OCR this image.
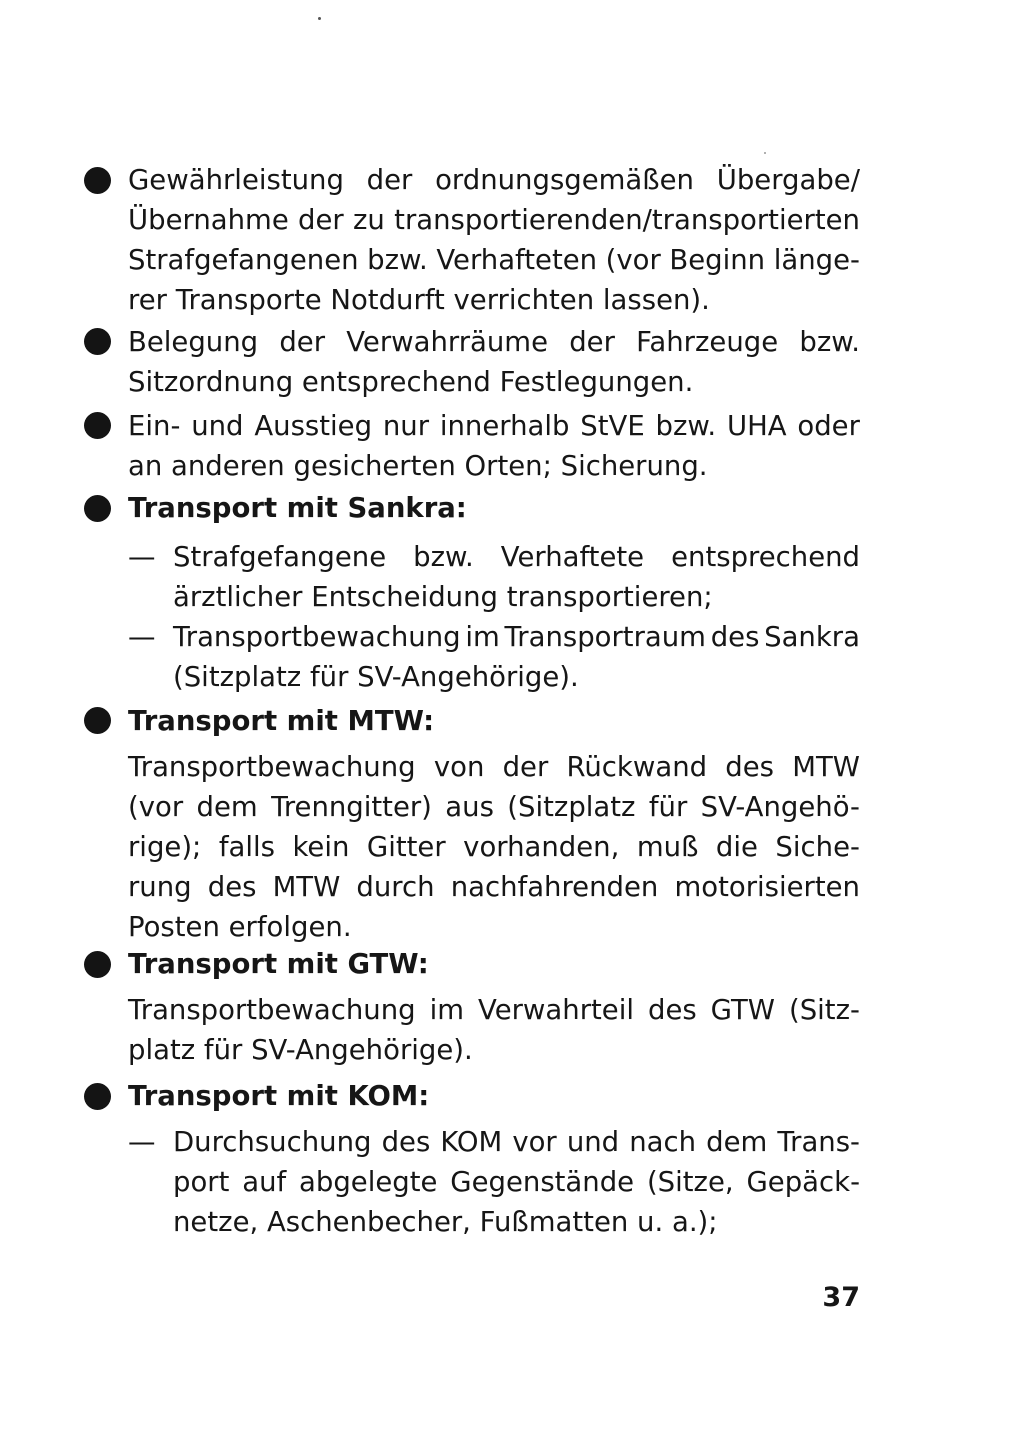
Gewährleistung der ordnungsgemäßen Übergabe/
Übernahme der zu transportierenden/transportierten
Strafgefangenen bzw. Verhafteten (vor Beginn länge-
rer Transporte Notdurft verrichten lassen).
Belegung der Verwahrräume der Fahrzeuge bzw.
Sitzordnung entsprechend Festlegungen.
Ein- und Ausstieg nur innerhalb StVE bzw. UHA oder
an anderen gesicherten Orten; Sicherung.
Transport mit Sankra:
— Strafgefangene bzw. Verhaftete entsprechend
ärztlicher Entscheidung transportieren;
— Transportbewachung im Transportraum des Sankra
(Sitzplatz für SV-Angehörige).
Transport mit MTW:
Transportbewachung von der Rückwand des MTW
(vor dem Trenngitter) aus (Sitzplatz für SV-Angehö-
rige); falls kein Gitter vorhanden, muß die Siche-
rung des MTW durch nachfahrenden motorisierten
Posten erfolgen.
Transport mit GTW:
Transportbewachung im Verwahrteil des GTW (Sitz-
platz für SV-Angehörige).
Transport mit KOM:
— Durchsuchung des KOM vor und nach dem Trans-
port auf abgelegte Gegenstände (Sitze, Gepäck-
netze, Aschenbecher, Fußmatten u. a.);
37
